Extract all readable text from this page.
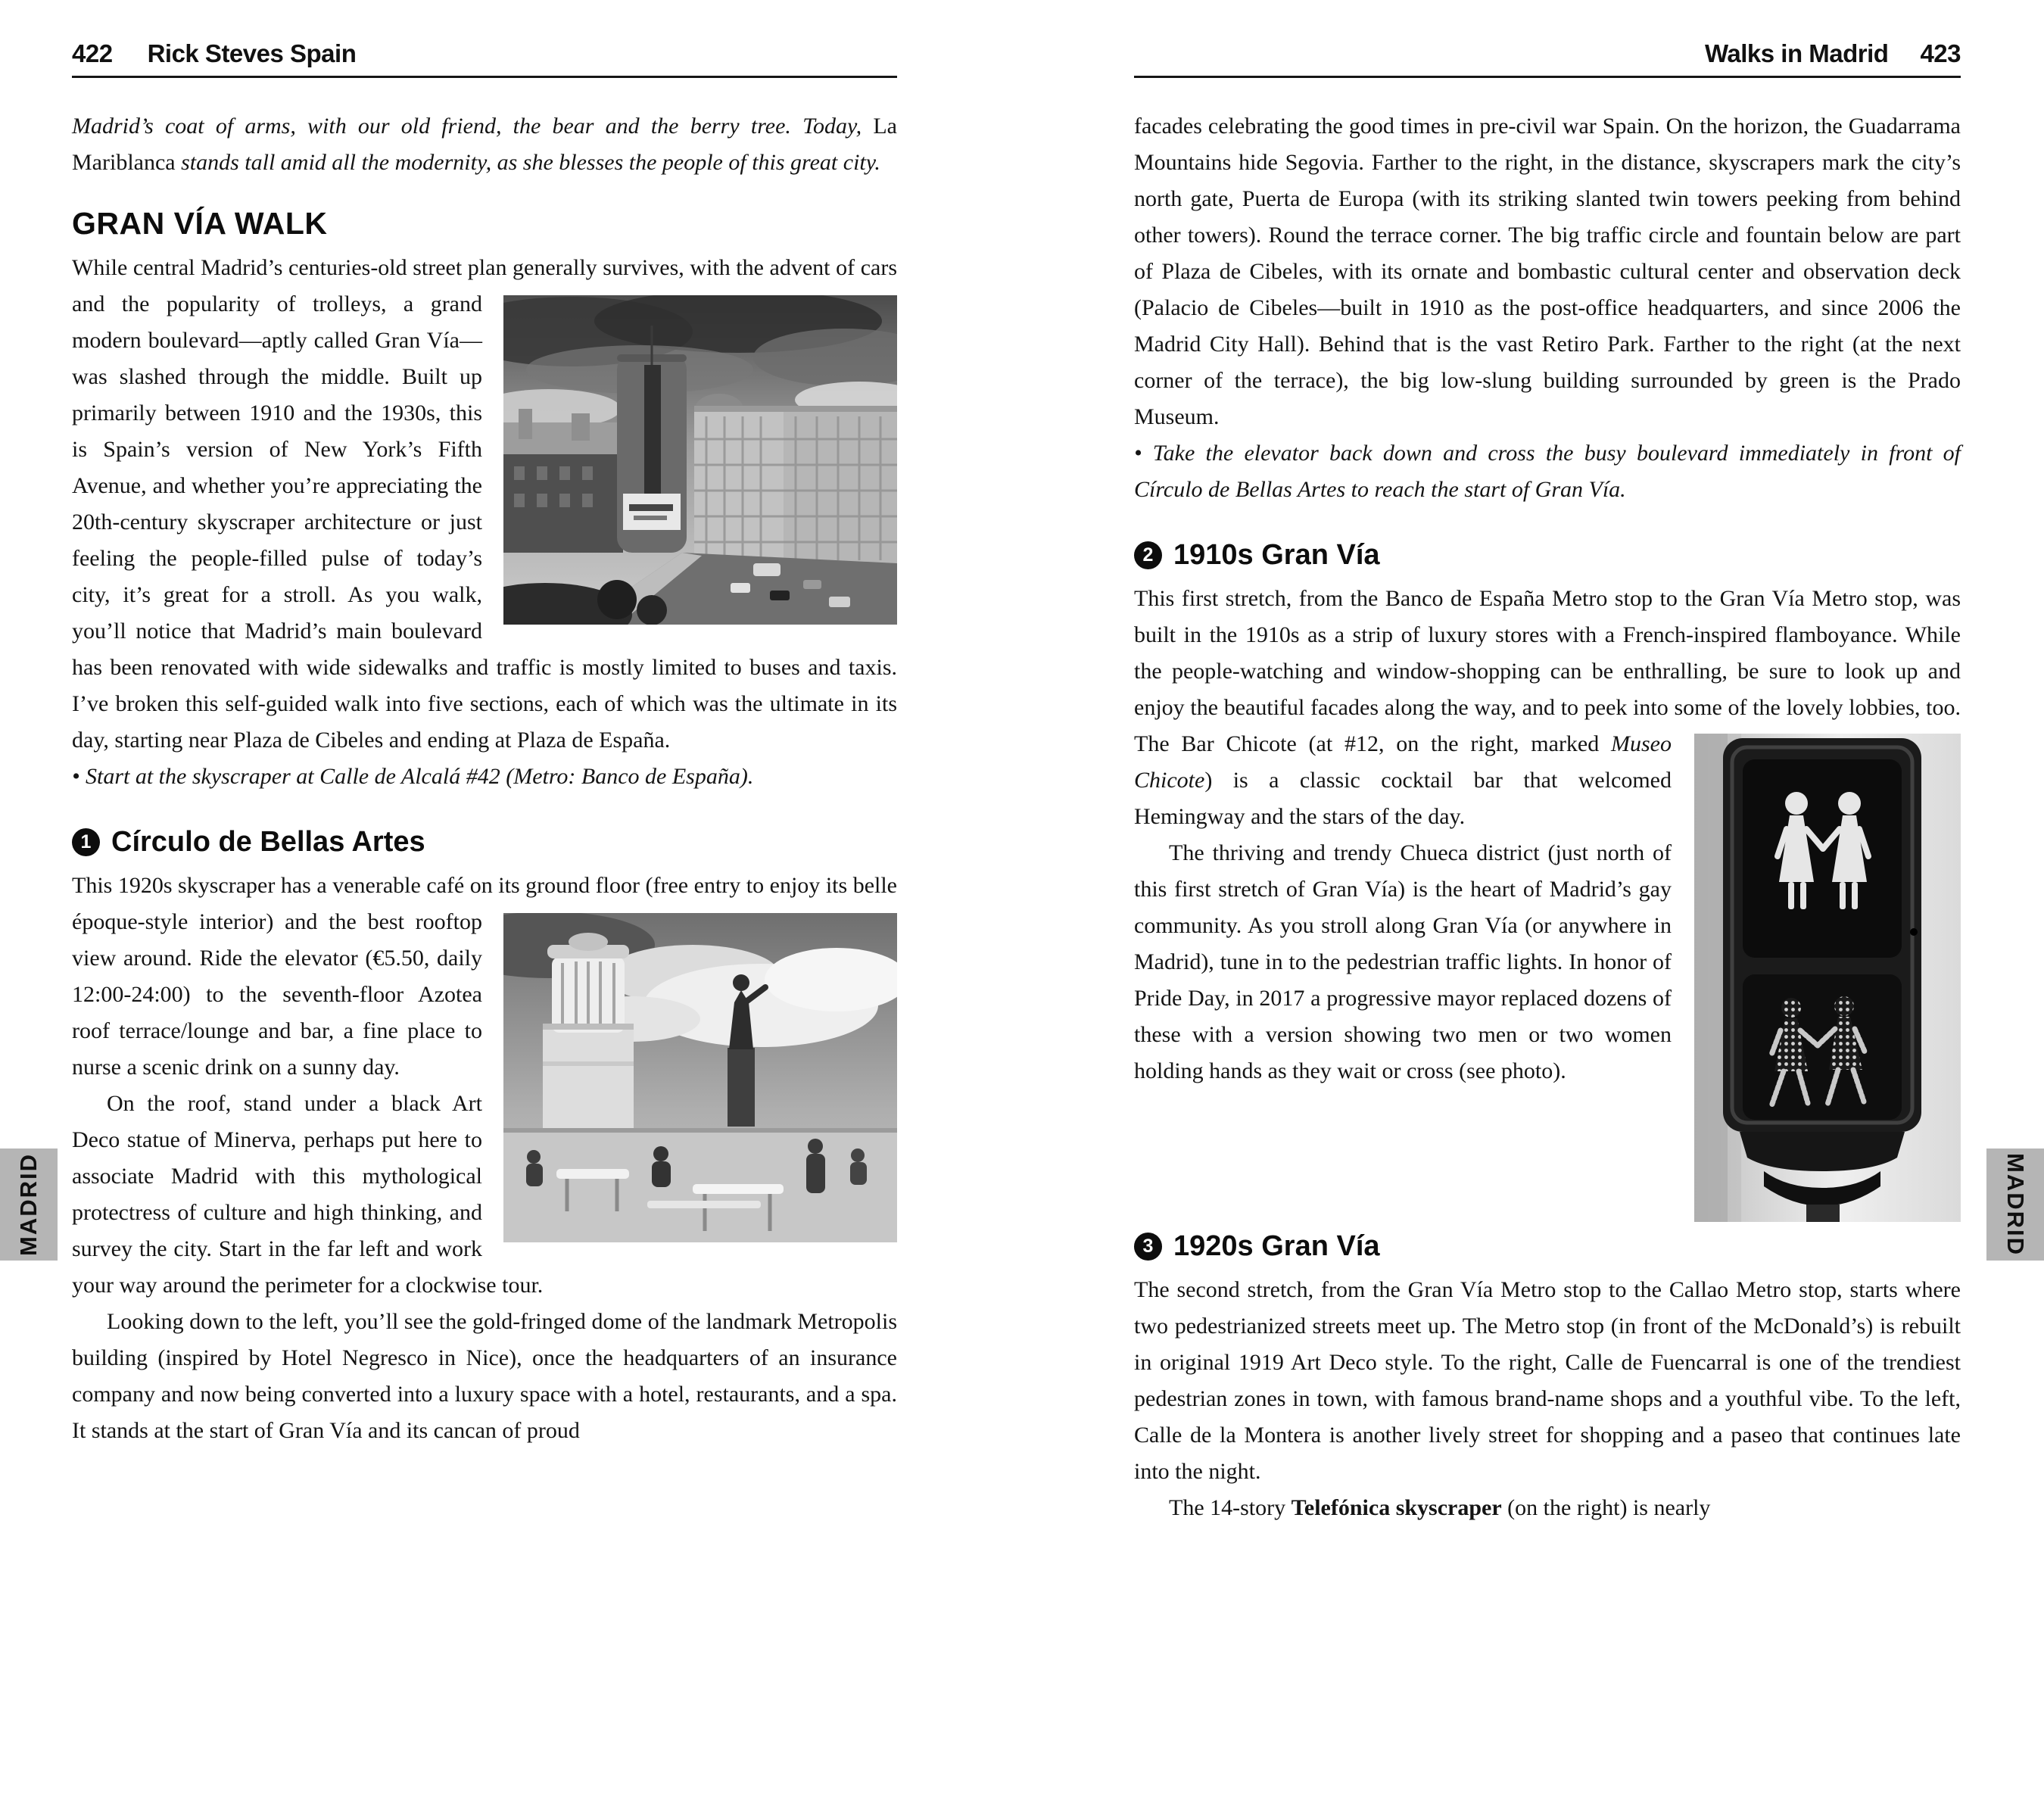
422 Rick Steves Spain

Madrid’s coat of arms, with our old friend, the bear and the berry tree. Today, La Mariblanca stands tall amid all the modernity, as she blesses the people of this great city.

GRAN VÍA WALK

While central Madrid’s centuries-old street plan generally survives, with the advent of cars and the popularity of trolleys, a
grand modern boulevard—aptly called Gran Vía—was slashed through the middle. Built up primarily between 1910 and the 1930s, this is Spain’s version of New York’s Fifth Avenue, and whether you’re appreciating the 20th-century skyscraper architecture or just feeling the people-filled pulse of today’s city, it’s great for a stroll. As you walk, you’ll notice that Madrid’s main boulevard has been renovated with wide sidewalks and traffic is mostly limited to buses and taxis. I’ve broken this self-guided walk into five sections, each of which was the ultimate in its day, starting near Plaza de Cibeles and ending at Plaza de España.

• Start at the skyscraper at Calle de Alcalá #42 (Metro: Banco de España).

1 Círculo de Bellas Artes

This 1920s skyscraper has a venerable café on its ground floor (free entry to enjoy its belle époque-style interior) and the best rooftop
view around. Ride the elevator (€5.50, daily 12:00-24:00) to the seventh-floor Azotea roof terrace/lounge and bar, a fine place to nurse a scenic drink on a sunny day.

On the roof, stand under a black Art Deco statue of Minerva, perhaps put here to associate Madrid with this mythological protectress of culture and high thinking, and survey the city. Start in the far left and work your way around the perimeter for a clockwise tour.

Looking down to the left, you’ll see the gold-fringed dome of the landmark Metropolis building (inspired by Hotel Negresco in Nice), once the headquarters of an insurance company and now being converted into a luxury space with a hotel, restaurants, and a spa. It stands at the start of Gran Vía and its cancan of proud

Walks in Madrid 423

facades celebrating the good times in pre-civil war Spain. On the horizon, the Guadarrama Mountains hide Segovia. Farther to the right, in the distance, skyscrapers mark the city’s north gate, Puerta de Europa (with its striking slanted twin towers peeking from behind other towers). Round the terrace corner. The big traffic circle and fountain below are part of Plaza de Cibeles, with its ornate and bombastic cultural center and observation deck (Palacio de Cibeles—built in 1910 as the post-office headquarters, and since 2006 the Madrid City Hall). Behind that is the vast Retiro Park. Farther to the right (at the next corner of the terrace), the big low-slung building surrounded by green is the Prado Museum.

• Take the elevator back down and cross the busy boulevard immediately in front of Círculo de Bellas Artes to reach the start of Gran Vía.

2 1910s Gran Vía

This first stretch, from the Banco de España Metro stop to the Gran Vía Metro stop, was built in the 1910s as a strip of luxury stores with a French-inspired flamboyance. While the people-watching and window-shopping can be enthralling, be sure to look up and enjoy the beautiful facades along the way, and to peek into some of the lovely lobbies, too. The Bar Chicote (at #12, on the
right, marked Museo Chicote) is a classic cocktail bar that welcomed Hemingway and the stars of the day.

The thriving and trendy Chueca district (just north of this first stretch of Gran Vía) is the heart of Madrid’s gay community. As you stroll along Gran Vía (or anywhere in Madrid), tune in to the pedestrian traffic lights. In honor of Pride Day, in 2017 a progressive mayor replaced dozens of these with a version showing two men or two women holding hands as they wait or cross (see photo).

3 1920s Gran Vía

The second stretch, from the Gran Vía Metro stop to the Callao Metro stop, starts where two pedestrianized streets meet up. The Metro stop (in front of the McDonald’s) is rebuilt in original 1919 Art Deco style. To the right, Calle de Fuencarral is one of the trendiest pedestrian zones in town, with famous brand-name shops and a youthful vibe. To the left, Calle de la Montera is another lively street for shopping and a paseo that continues late into the night.

The 14-story Telefónica skyscraper (on the right) is nearly

MADRID	MADRID
